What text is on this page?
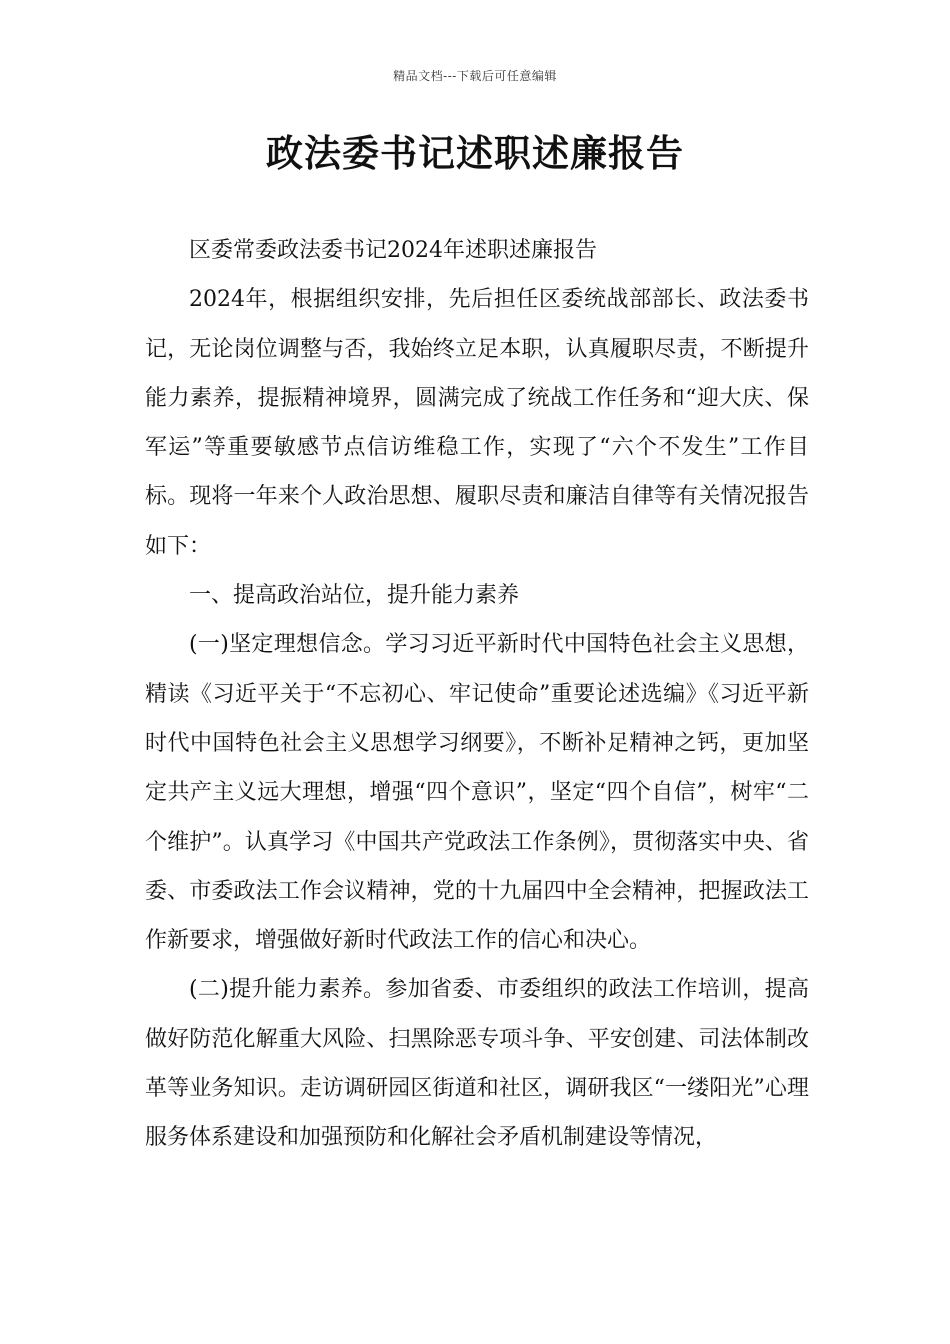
精品文档---下载后可任意编辑
政法委书记述职述廉报告

区委常委政法委书记2024年述职述廉报告

2024年，根据组织安排，先后担任区委统战部部长、政法委书记，无论岗位调整与否，我始终立足本职，认真履职尽责，不断提升能力素养，提振精神境界，圆满完成了统战工作任务和“迎大庆、保军运”等重要敏感节点信访维稳工作，实现了“六个不发生”工作目标。现将一年来个人政治思想、履职尽责和廉洁自律等有关情况报告如下：

一、提高政治站位，提升能力素养

(一)坚定理想信念。学习习近平新时代中国特色社会主义思想，精读《习近平关于“不忘初心、牢记使命”重要论述选编》《习近平新时代中国特色社会主义思想学习纲要》，不断补足精神之钙，更加坚定共产主义远大理想，增强“四个意识”，坚定“四个自信”，树牢“二个维护”。认真学习《中国共产党政法工作条例》，贯彻落实中央、省委、市委政法工作会议精神，党的十九届四中全会精神，把握政法工作新要求，增强做好新时代政法工作的信心和决心。

(二)提升能力素养。参加省委、市委组织的政法工作培训，提高做好防范化解重大风险、扫黑除恶专项斗争、平安创建、司法体制改革等业务知识。走访调研园区街道和社区，调研我区“一缕阳光”心理服务体系建设和加强预防和化解社会矛盾机制建设等情况，
